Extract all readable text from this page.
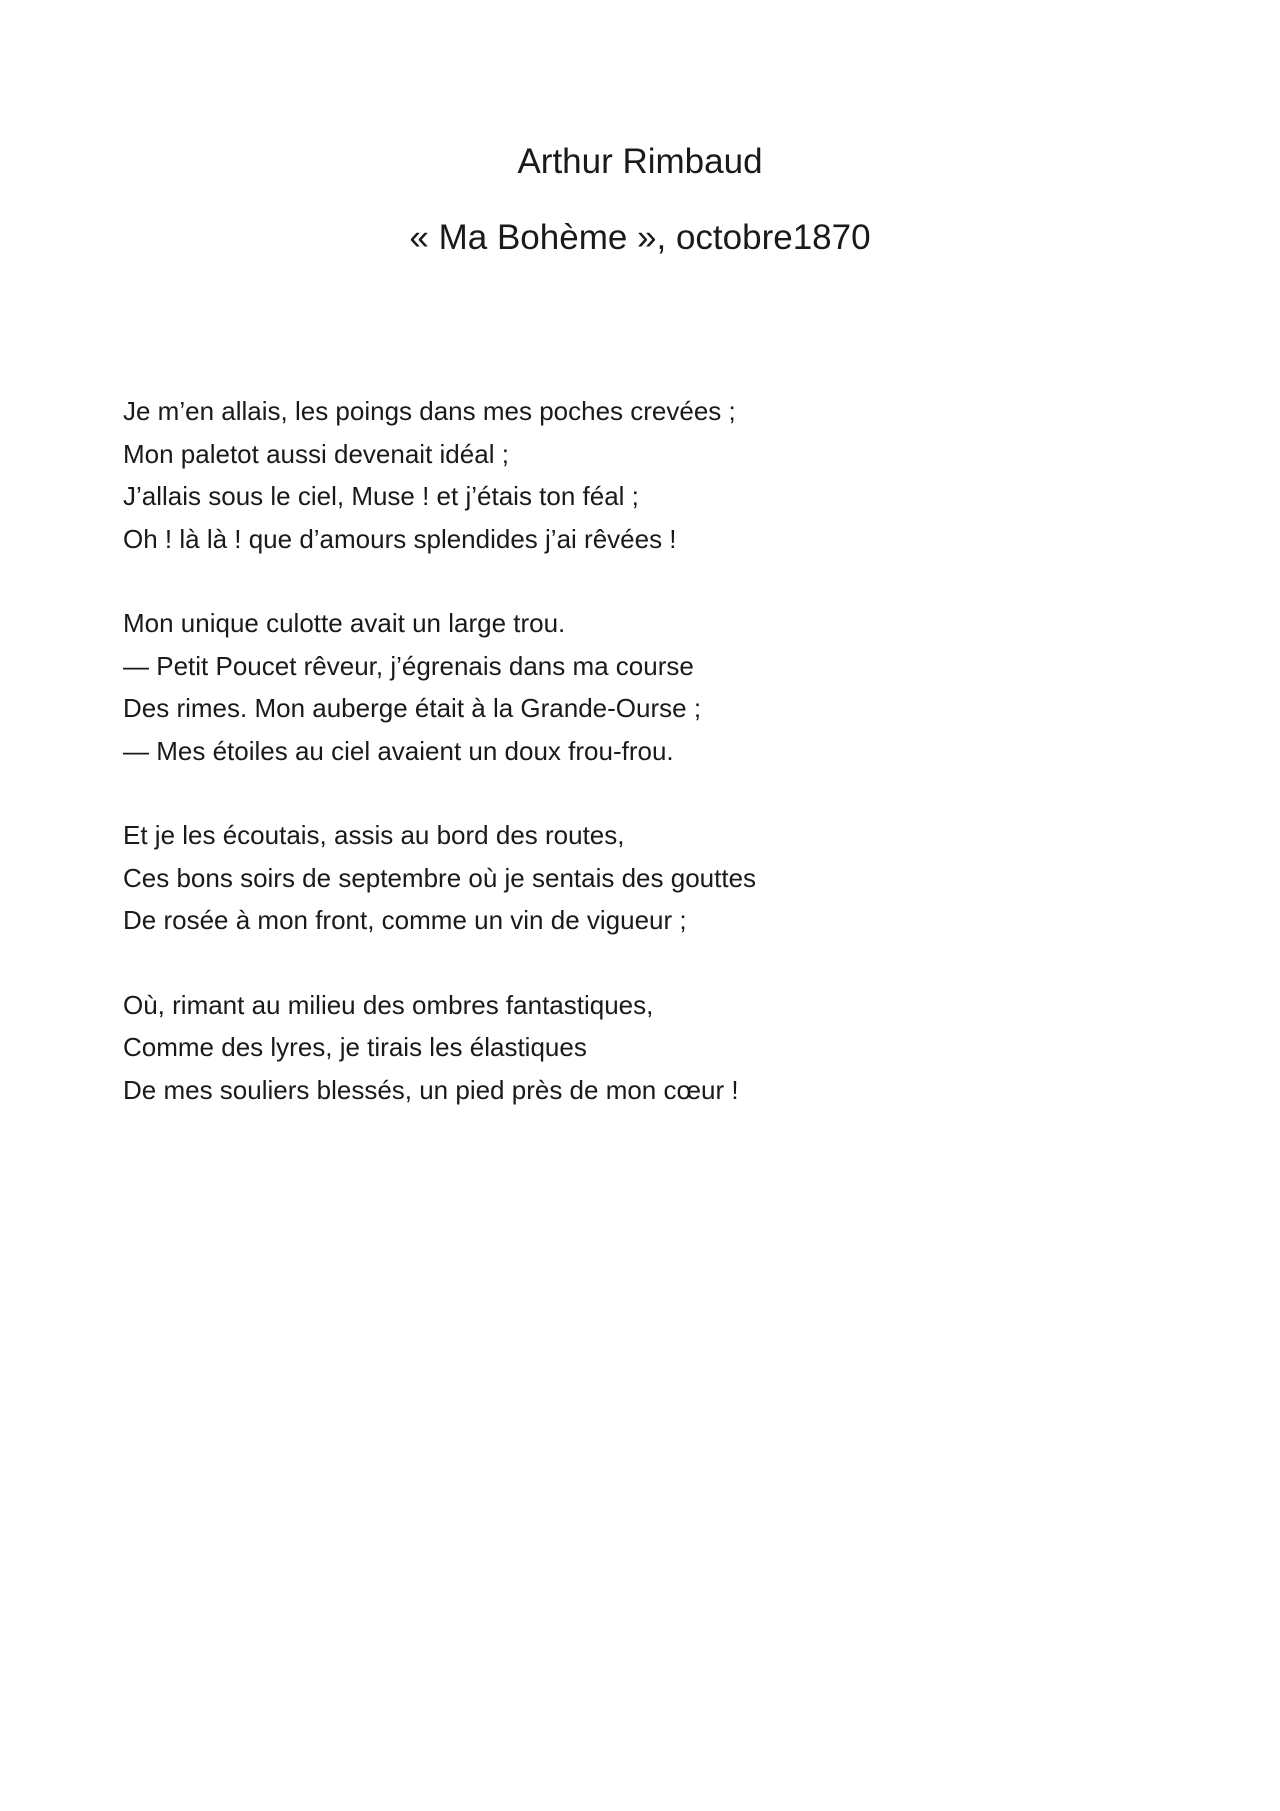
Arthur Rimbaud
« Ma Bohème », octobre1870
Je m’en allais, les poings dans mes poches crevées ;
Mon paletot aussi devenait idéal ;
J’allais sous le ciel, Muse ! et j’étais ton féal ;
Oh ! là là ! que d’amours splendides j’ai rêvées !
Mon unique culotte avait un large trou.
— Petit Poucet rêveur, j’égrenais dans ma course
Des rimes. Mon auberge était à la Grande-Ourse ;
— Mes étoiles au ciel avaient un doux frou-frou.
Et je les écoutais, assis au bord des routes,
Ces bons soirs de septembre où je sentais des gouttes
De rosée à mon front, comme un vin de vigueur ;
Où, rimant au milieu des ombres fantastiques,
Comme des lyres, je tirais les élastiques
De mes souliers blessés, un pied près de mon cœur !
